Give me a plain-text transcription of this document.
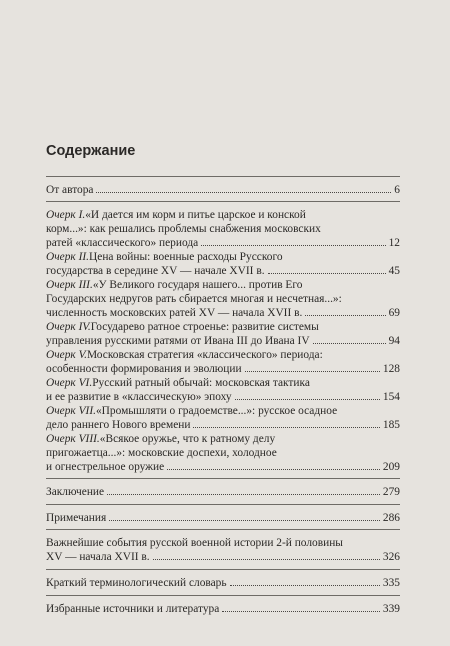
Содержание
От автора	6
Очерк I. «И дается им корм и питье царское и конской
корм...»: как решались проблемы снабжения московских
ратей «классического» периода	12
Очерк II. Цена войны: военные расходы Русского
государства в середине XV — начале XVII в.	45
Очерк III. «У Великого государя нашего... против Его
Государских недругов рать сбирается многая и несчетная...»:
численность московских ратей XV — начала XVII в.	69
Очерк IV. Государево ратное строенье: развитие системы
управления русскими ратями от Ивана III до Ивана IV	94
Очерк V. Московская стратегия «классического» периода:
особенности формирования и эволюции	128
Очерк VI. Русский ратный обычай: московская тактика
и ее развитие в «классическую» эпоху	154
Очерк VII. «Промышляти о градоемстве...»: русское осадное
дело раннего Нового времени	185
Очерк VIII. «Всякое оружье, что к ратному делу
пригожаетца...»: московские доспехи, холодное
и огнестрельное оружие	209
Заключение	279
Примечания	286
Важнейшие события русской военной истории 2-й половины
XV — начала XVII в.	326
Краткий терминологический словарь	335
Избранные источники и литература	339
